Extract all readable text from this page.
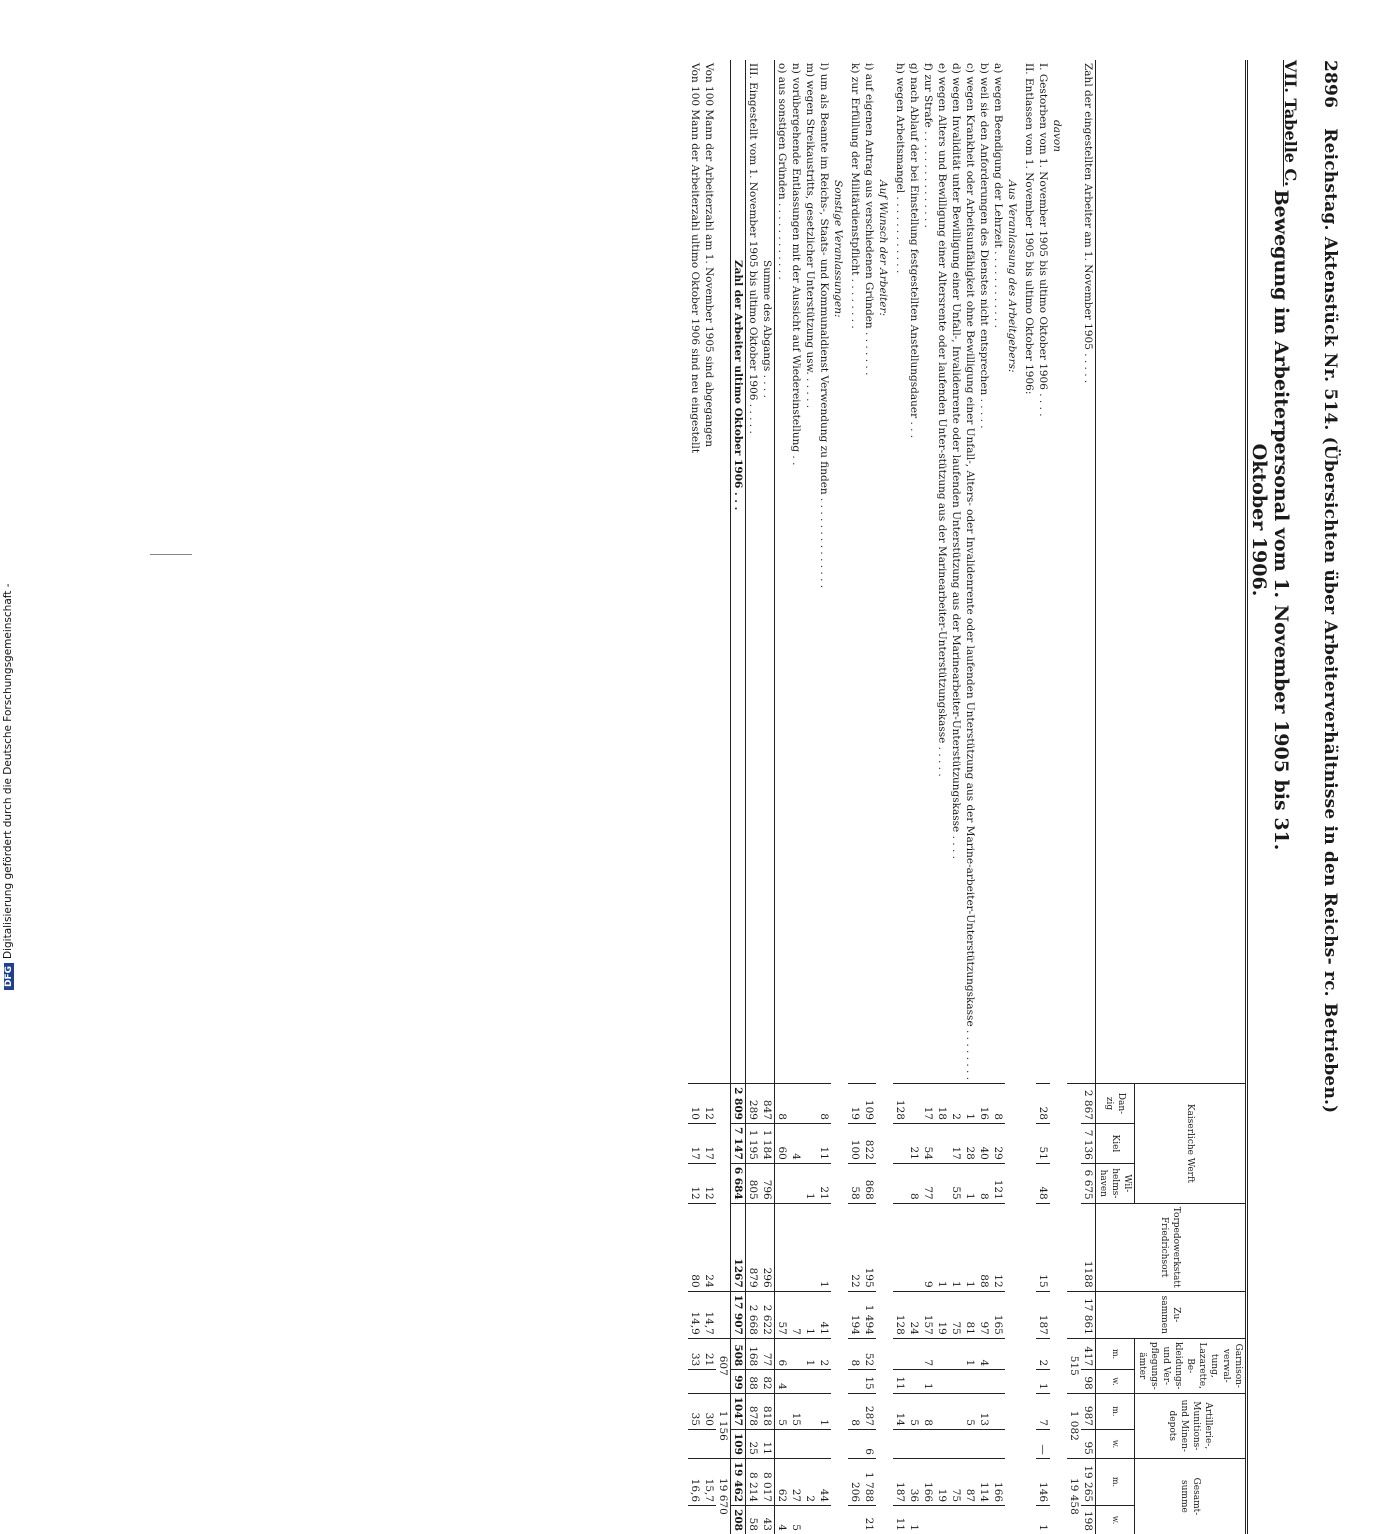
2896 Reichstag. Aktenstück Nr. 514. (Übersichten über Arbeiterverhältnisse in den Reichs- rc. Betrieben.)
VII. Tabelle C.
Bewegung im Arbeiterpersonal vom 1. November 1905 bis 31. Oktober 1906.
	Kaiserliche Werft			Torpedowerkstatt Friedrichsort	Zu-sammen	Garnison-verwal-tung, Lazarette, Be-kleidungs- und Ver-pflegungs-ämter		Artillerie-, Munitions- und Minen-depots		Gesamt-summe	
	Dan-zig	Kiel	Wil-helms-haven			m.	w.	m.	w.	m.	w.
Zahl der eingestellten Arbeiter am 1. November 1905 . . . . .	2 867	7 136	6 675	1188	17 861	417	98	987	95	19 265	198
						515		1 082		19 458	
davon											
I. Gestorben vom 1. November 1905 bis ultimo Oktober 1906 . . . .	28	51	48	15	187	2	1	7	—	146	1
II. Entlassen vom 1. November 1905 bis ultimo Oktober 1906:											
Aus Veranlassung des Arbeitgebers:											
a) wegen Beendigung der Lehrzeit . . . . . . . . . . . .	8	29	121	12	165					166	
b) weil sie den Anforderungen des Dienstes nicht entsprechen . . . . .	16	40	8	88	97	4		13		114	
c) wegen Krankheit oder Arbeitsunfähigkeit ohne Bewilligung einer Unfall-, Alters- oder Invalidenrente oder laufenden Unterstützung aus der Marine-arbeiter-Unterstützungskasse . . . . . . . .	1	28	1	1	81	1		5		87	
d) wegen Invalidität unter Bewilligung einer Unfall-, Invalidenrente oder laufenden Unterstützung aus der Marinearbeiter-Unterstützungskasse . . . .	2	17	55	1	75					75	
e) wegen Alters und Bewilligung einer Altersrente oder laufenden Unter-stützung aus der Marinearbeiter-Unterstützungskasse . . . . .	18			1	19					19	
f) zur Strafe . . . . . . . . . . . . . . .	17	54	77	9	157	7	1	8		166	
g) nach Ablauf der bei Einstellung festgestellten Anstellungsdauer . . .		21	8		24			5		36	1
h) wegen Arbeitsmangel . . . . . . . . . . . .	128				128		11	14		187	11
Auf Wunsch der Arbeiter:											
i) auf eigenen Antrag aus verschiedenen Gründen . . . . . . .	109	822	868	195	1 494	52	15	287	6	1 788	21
k) zur Erfüllung der Militärdienstpflicht . . . . . . . .	19	100	58	22	194	8		8		206	
Sonstige Veranlassungen:											
l) um als Beamte im Reichs-, Staats- und Kommunaldienst Verwendung zu finden . . . . . . . . . . . . . .	8	11	21	1	41	2		1		44	
m) wegen Streikaustritts, gesetzlicher Unterstützung usw. . . . . .			1		1	1				2	
n) vorübergehende Entlassungen mit der Aussicht auf Wiedereinstellung . .		4			7			15		27	5
o) aus sonstigen Gründen . . . . . . . . . . . .	8	60			57	6	4	5		62	4
Summe des Abgangs . . . .	847	1 184	796	296	2 622	77	82	818	11	8 017	43
III. Eingestellt vom 1. November 1905 bis ultimo Oktober 1906 . . . . .	289	1 195	805	879	2 668	168	88	878	25	8 214	58
Zahl der Arbeiter ultimo Oktober 1906 . . .	2 809	7 147	6 684	1267	17 907	508	99	1047	109	19 462	208
						607		1 156		19 670	
Von 100 Mann der Arbeiterzahl am 1. November 1905 sind abgegangen	12	17	12	24	14,7	21		30		15,7	
Von 100 Mann der Arbeiterzahl ultimo Oktober 1906 sind neu eingestellt	10	17	12	80	14,9	33		35		16,6	
DFGDigitalisierung gefördert durch die Deutsche Forschungsgemeinschaft -
